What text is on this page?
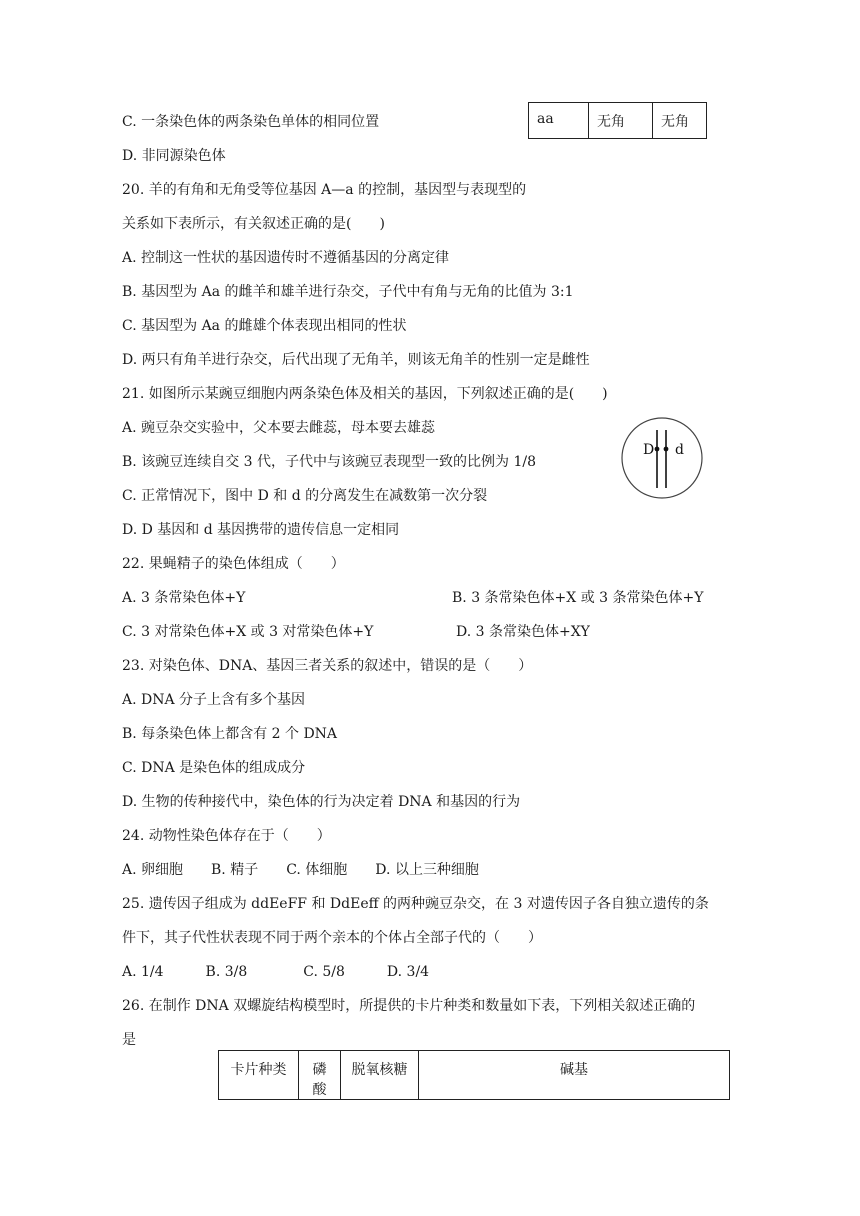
aa	无角	无角
C. 一条染色体的两条染色单体的相同位置
D. 非同源染色体
20. 羊的有角和无角受等位基因 A—a 的控制，基因型与表现型的
关系如下表所示，有关叙述正确的是(　　)
A. 控制这一性状的基因遗传时不遵循基因的分离定律
B. 基因型为 Aa 的雌羊和雄羊进行杂交，子代中有角与无角的比值为 3:1
C. 基因型为 Aa 的雌雄个体表现出相同的性状
D. 两只有角羊进行杂交，后代出现了无角羊，则该无角羊的性别一定是雌性
21. 如图所示某豌豆细胞内两条染色体及相关的基因，下列叙述正确的是(　　)
A. 豌豆杂交实验中，父本要去雌蕊，母本要去雄蕊
B. 该豌豆连续自交 3 代，子代中与该豌豆表现型一致的比例为 1/8
C. 正常情况下，图中 D 和 d 的分离发生在减数第一次分裂
D. D 基因和 d 基因携带的遗传信息一定相同
22. 果蝇精子的染色体组成（　　）
A. 3 条常染色体+Y	B. 3 条常染色体+X 或 3 条常染色体+Y
C. 3 对常染色体+X 或 3 对常染色体+Y	D. 3 条常染色体+XY
23. 对染色体、DNA、基因三者关系的叙述中，错误的是（　　）
A. DNA 分子上含有多个基因
B. 每条染色体上都含有 2 个 DNA
C. DNA 是染色体的组成成分
D. 生物的传种接代中，染色体的行为决定着 DNA 和基因的行为
24. 动物性染色体存在于（　　）
A. 卵细胞　　B. 精子　　C. 体细胞　　D. 以上三种细胞
25. 遗传因子组成为 ddEeFF 和 DdEeff 的两种豌豆杂交，在 3 对遗传因子各自独立遗传的条
件下，其子代性状表现不同于两个亲本的个体占全部子代的（　　）
A. 1/4　　　B. 3/8　　　　C. 5/8　　　D. 3/4
26. 在制作 DNA 双螺旋结构模型时，所提供的卡片种类和数量如下表，下列相关叙述正确的
是
D d
卡片种类	磷酸	脱氧核糖	碱基
